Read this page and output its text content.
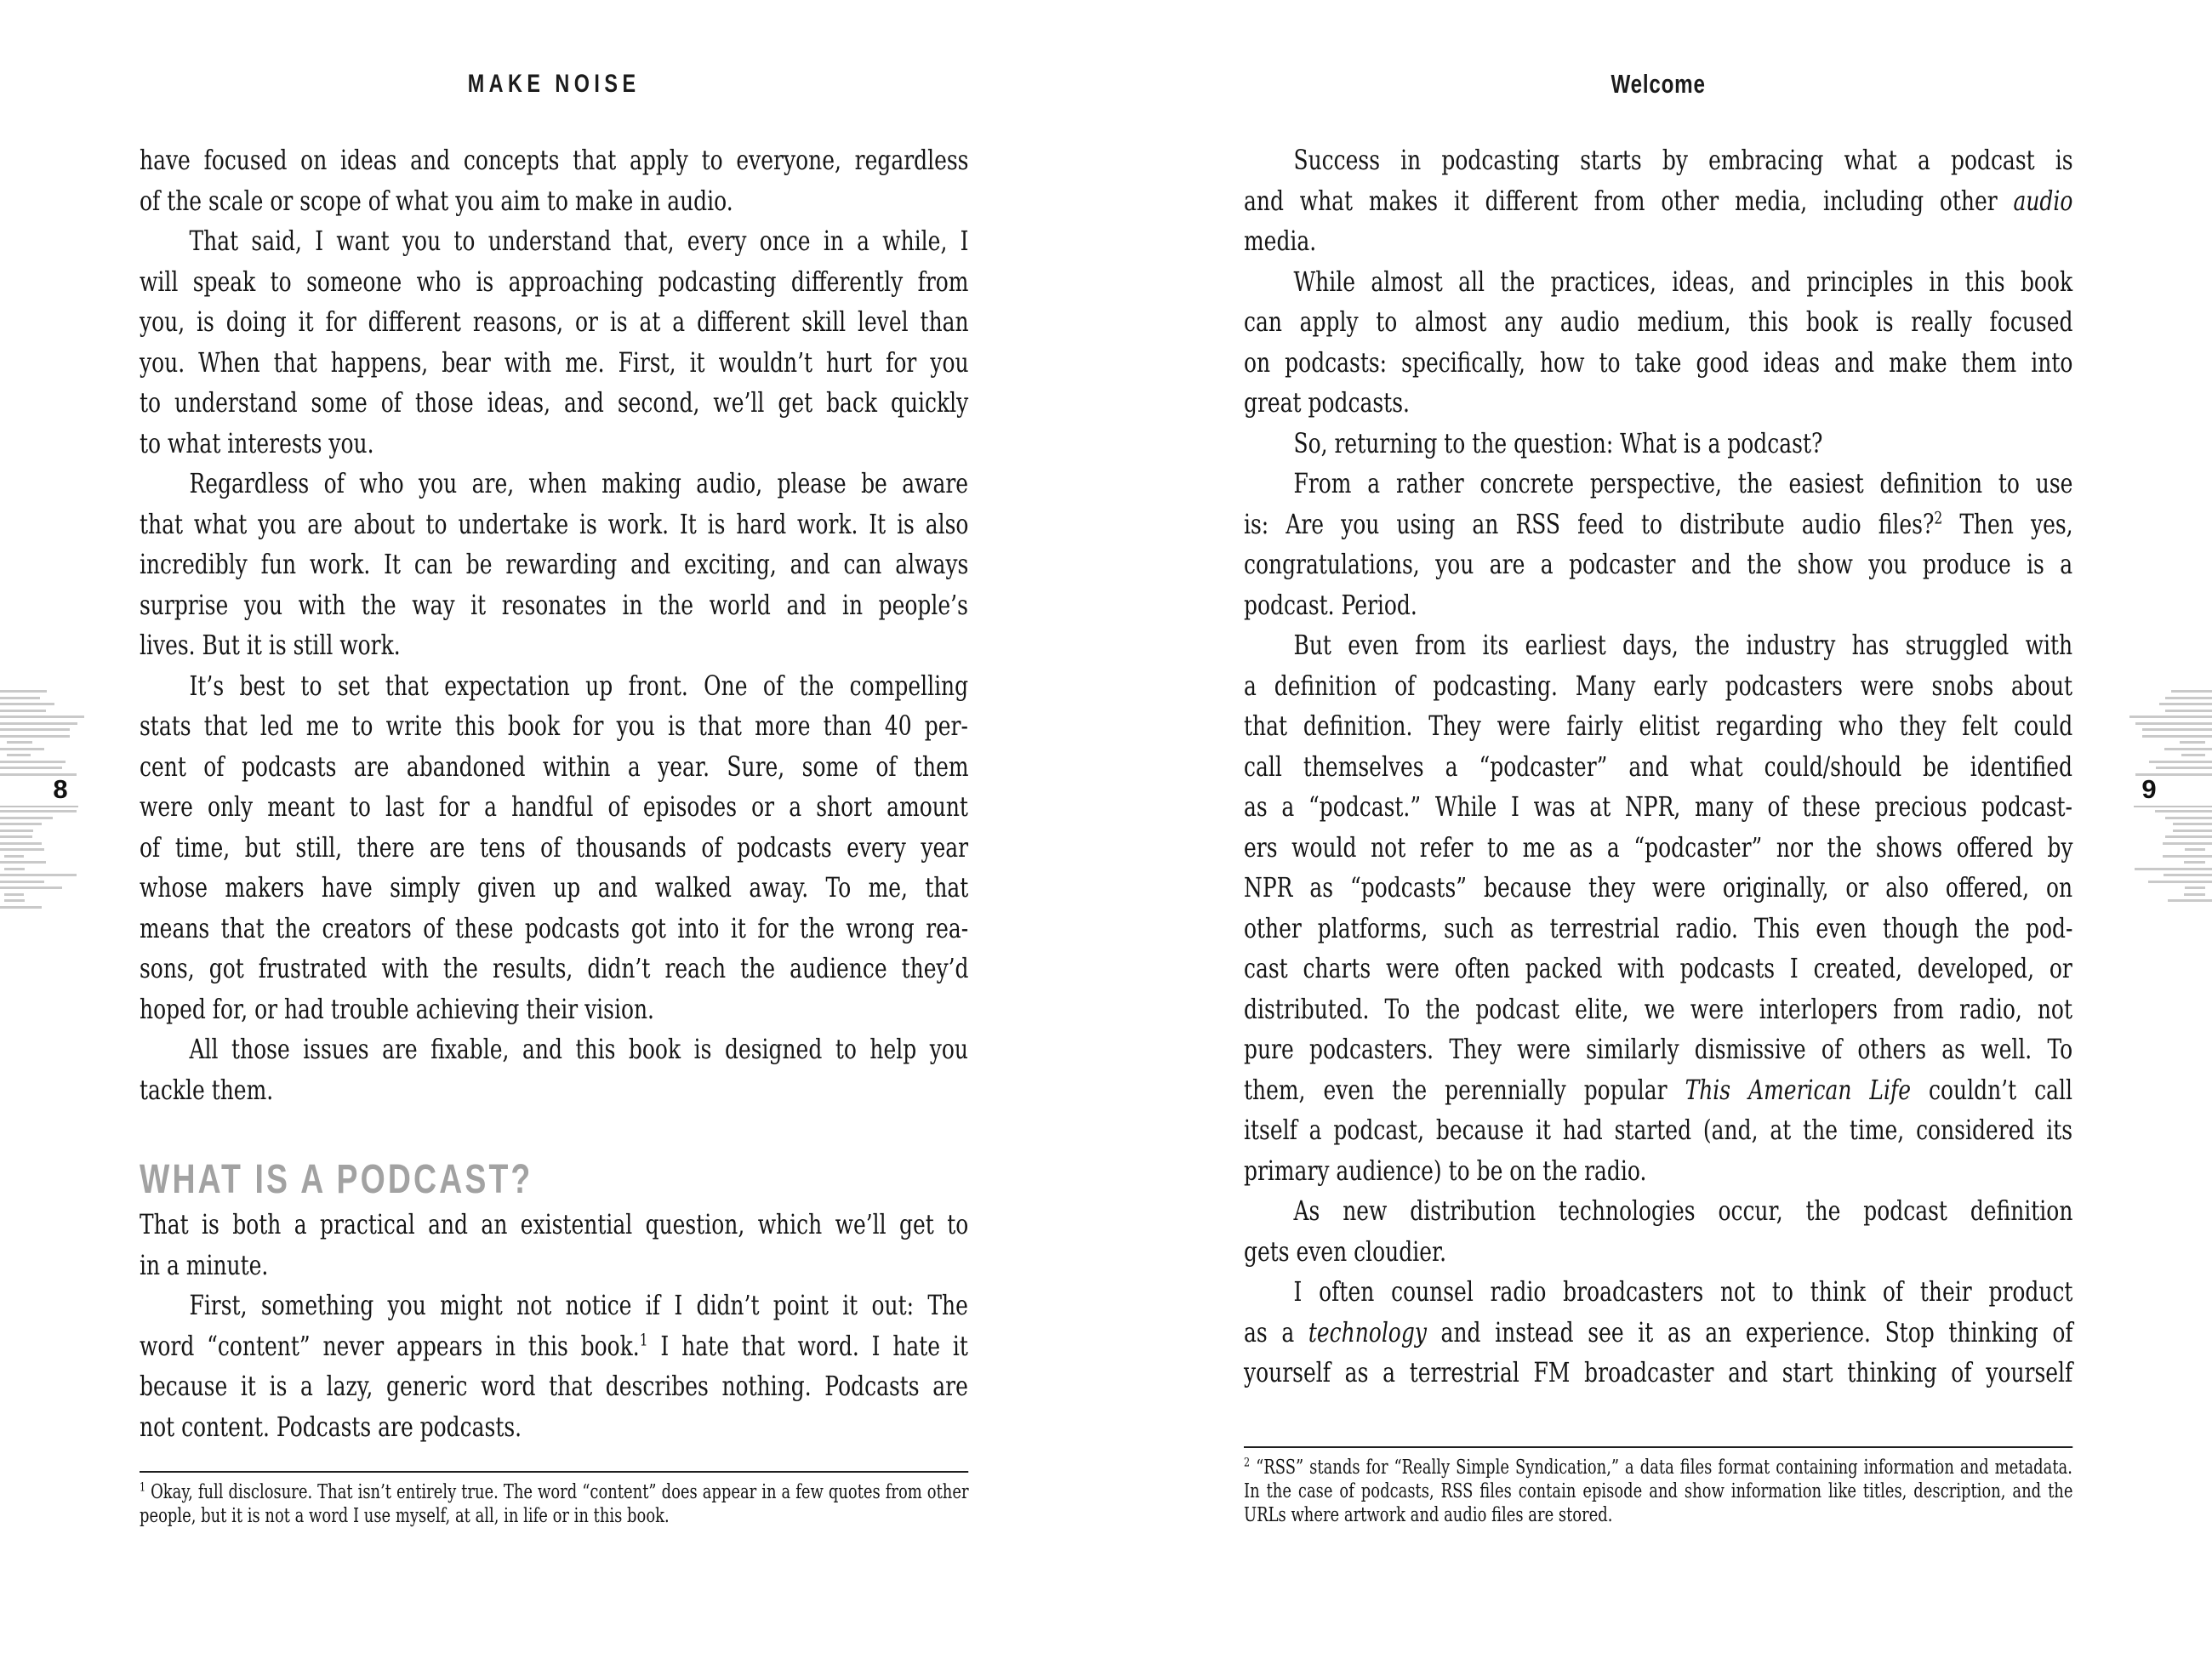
MAKE NOISE
have focused on ideas and concepts that apply to everyone, regardless
of the scale or scope of what you aim to make in audio.
That said, I want you to understand that, every once in a while, I
will speak to someone who is approaching podcasting differently from
you, is doing it for different reasons, or is at a different skill level than
you. When that happens, bear with me. First, it wouldn’t hurt for you
to understand some of those ideas, and second, we’ll get back quickly
to what interests you.
Regardless of who you are, when making audio, please be aware
that what you are about to undertake is work. It is hard work. It is also
incredibly fun work. It can be rewarding and exciting, and can always
surprise you with the way it resonates in the world and in people’s
lives. But it is still work.
It’s best to set that expectation up front. One of the compelling
stats that led me to write this book for you is that more than 40 per-
cent of podcasts are abandoned within a year. Sure, some of them
were only meant to last for a handful of episodes or a short amount
of time, but still, there are tens of thousands of podcasts every year
whose makers have simply given up and walked away. To me, that
means that the creators of these podcasts got into it for the wrong rea-
sons, got frustrated with the results, didn’t reach the audience they’d
hoped for, or had trouble achieving their vision.
All those issues are fixable, and this book is designed to help you
tackle them.
WHAT IS A PODCAST?
That is both a practical and an existential question, which we’ll get to
in a minute.
First, something you might not notice if I didn’t point it out: The
word “content” never appears in this book.$^1$ I hate that word. I hate it
because it is a lazy, generic word that describes nothing. Podcasts are
not content. Podcasts are podcasts.
$^1$ Okay, full disclosure. That isn’t entirely true. The word “content” does appear in a few quotes from other
people, but it is not a word I use myself, at all, in life or in this book.
Welcome
Success in podcasting starts by embracing what a podcast is
and what makes it different from other media, including other audio
media.
While almost all the practices, ideas, and principles in this book
can apply to almost any audio medium, this book is really focused
on podcasts: specifically, how to take good ideas and make them into
great podcasts.
So, returning to the question: What is a podcast?
From a rather concrete perspective, the easiest definition to use
is: Are you using an RSS feed to distribute audio files?$^2$ Then yes,
congratulations, you are a podcaster and the show you produce is a
podcast. Period.
But even from its earliest days, the industry has struggled with
a definition of podcasting. Many early podcasters were snobs about
that definition. They were fairly elitist regarding who they felt could
call themselves a “podcaster” and what could/should be identified
as a “podcast.” While I was at NPR, many of these precious podcast-
ers would not refer to me as a “podcaster” nor the shows offered by
NPR as “podcasts” because they were originally, or also offered, on
other platforms, such as terrestrial radio. This even though the pod-
cast charts were often packed with podcasts I created, developed, or
distributed. To the podcast elite, we were interlopers from radio, not
pure podcasters. They were similarly dismissive of others as well. To
them, even the perennially popular This American Life couldn’t call
itself a podcast, because it had started (and, at the time, considered its
primary audience) to be on the radio.
As new distribution technologies occur, the podcast definition
gets even cloudier.
I often counsel radio broadcasters not to think of their product
as a technology and instead see it as an experience. Stop thinking of
yourself as a terrestrial FM broadcaster and start thinking of yourself
$^2$ “RSS” stands for “Really Simple Syndication,” a data files format containing information and metadata.
In the case of podcasts, RSS files contain episode and show information like titles, description, and the
URLs where artwork and audio files are stored.
8	9
